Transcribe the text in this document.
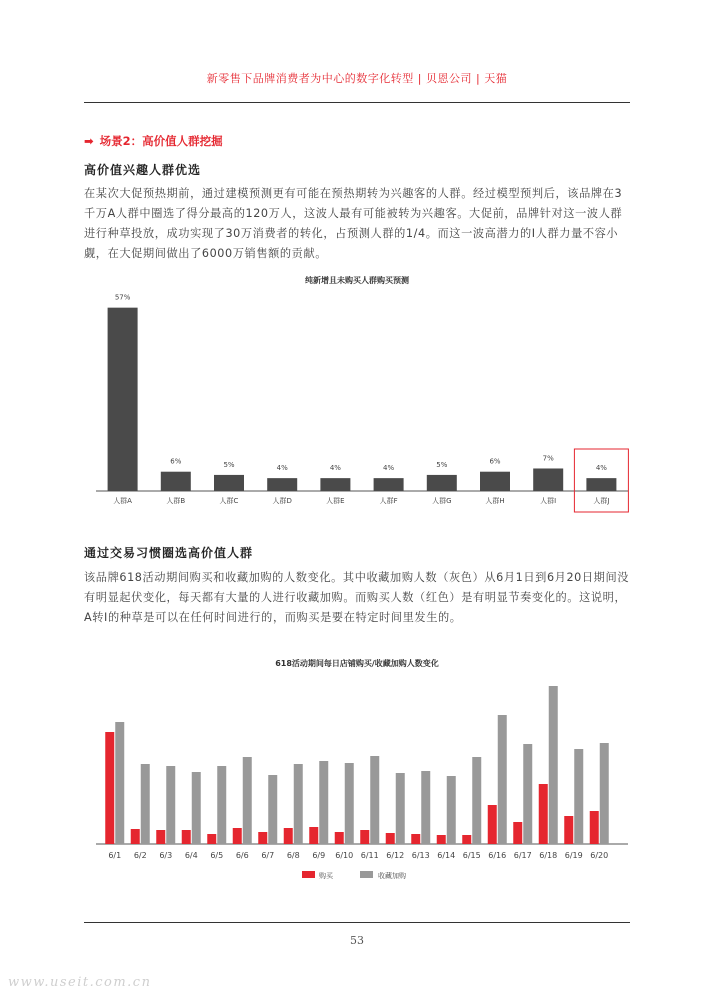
新零售下品牌消费者为中心的数字化转型 | 贝恩公司 | 天猫
➡ 场景2：高价值人群挖掘
高价值兴趣人群优选

在某次大促预热期前，通过建模预测更有可能在预热期转为兴趣客的人群。经过模型预判后，该品牌在3千万A人群中圈选了得分最高的120万人，这波人最有可能被转为兴趣客。大促前，品牌针对这一波人群进行种草投放，成功实现了30万消费者的转化，占预测人群的1/4。而这一波高潜力的I人群力量不容小觑，在大促期间做出了6000万销售额的贡献。

纯新增且未购买人群购买预测
57%
人群A
6%
人群B
5%
人群C
4%
人群D
4%
人群E
4%
人群F
5%
人群G
6%
人群H
7%
人群I
4%
人群J
通过交易习惯圈选高价值人群

该品牌618活动期间购买和收藏加购的人数变化。其中收藏加购人数（灰色）从6月1日到6月20日期间没有明显起伏变化，每天都有大量的人进行收藏加购。而购买人数（红色）是有明显节奏变化的。这说明，A转I的种草是可以在任何时间进行的，而购买是要在特定时间里发生的。

618活动期间每日店铺购买/收藏加购人数变化
6/1 6/2 6/3 6/4 6/5 6/6 6/7 6/8 6/9 6/10 6/11 6/12 6/13 6/14 6/15 6/16 6/17 6/18 6/19 6/20
购买	收藏加购
53
www.useit.com.cn
